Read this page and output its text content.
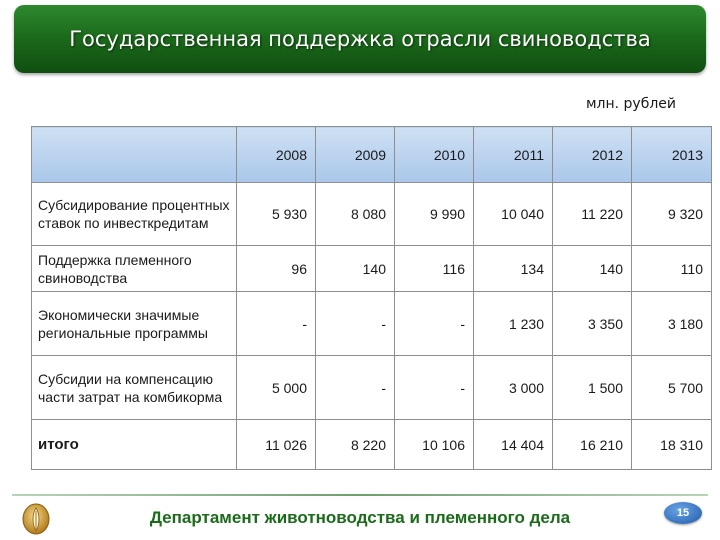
Государственная поддержка отрасли свиноводства
млн. рублей
	2008	2009	2010	2011	2012	2013
Субсидирование процентных ставок по инвесткредитам	5 930	8 080	9 990	10 040	11 220	9 320
Поддержка племенного свиноводства	96	140	116	134	140	110
Экономически значимые региональные программы	-	-	-	1 230	3 350	3 180
Субсидии на компенсацию части затрат на комбикорма	5 000	-	-	3 000	1 500	5 700
итого	11 026	8 220	10 106	14 404	16 210	18 310
Департамент животноводства и племенного дела	15
